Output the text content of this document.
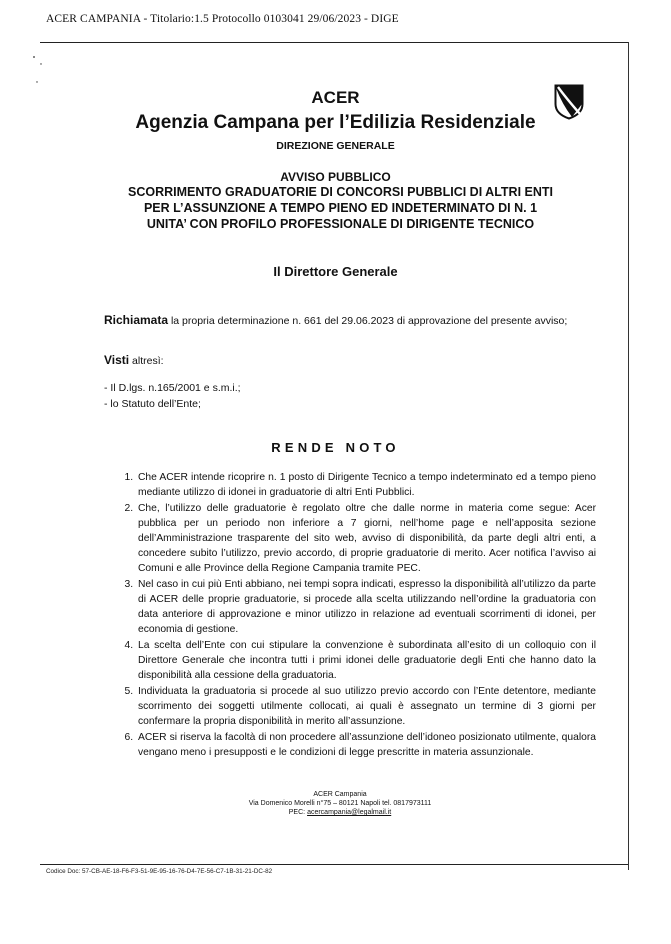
ACER CAMPANIA - Titolario:1.5 Protocollo 0103041 29/06/2023 - DIGE
ACER
Agenzia Campana per l’Edilizia Residenziale
DIREZIONE GENERALE
AVVISO PUBBLICO
SCORRIMENTO GRADUATORIE DI CONCORSI PUBBLICI DI ALTRI ENTI
PER L’ASSUNZIONE A TEMPO PIENO ED INDETERMINATO DI N. 1
UNITA’ CON PROFILO PROFESSIONALE DI DIRIGENTE TECNICO
Il Direttore Generale
Richiamata la propria determinazione n. 661 del 29.06.2023 di approvazione del presente avviso;
Visti altresì:
- Il D.lgs. n.165/2001 e s.m.i.;
- lo Statuto dell’Ente;
RENDE NOTO
1. Che ACER intende ricoprire n. 1 posto di Dirigente Tecnico a tempo indeterminato ed a tempo pieno mediante utilizzo di idonei in graduatorie di altri Enti Pubblici.
2. Che, l’utilizzo delle graduatorie è regolato oltre che dalle norme in materia come segue: Acer pubblica per un periodo non inferiore a 7 giorni, nell’home page e nell’apposita sezione dell’Amministrazione trasparente del sito web, avviso di disponibilità, da parte degli altri enti, a concedere subito l’utilizzo, previo accordo, di proprie graduatorie di merito. Acer notifica l’avviso ai Comuni e alle Province della Regione Campania tramite PEC.
3. Nel caso in cui più Enti abbiano, nei tempi sopra indicati, espresso la disponibilità all’utilizzo da parte di ACER delle proprie graduatorie, si procede alla scelta utilizzando nell’ordine la graduatoria con data anteriore di approvazione e minor utilizzo in relazione ad eventuali scorrimenti di idonei, per economia di gestione.
4. La scelta dell’Ente con cui stipulare la convenzione è subordinata all’esito di un colloquio con il Direttore Generale che incontra tutti i primi idonei delle graduatorie degli Enti che hanno dato la disponibilità alla cessione della graduatoria.
5. Individuata la graduatoria si procede al suo utilizzo previo accordo con l’Ente detentore, mediante scorrimento dei soggetti utilmente collocati, ai quali è assegnato un termine di 3 giorni per confermare la propria disponibilità in merito all’assunzione.
6. ACER si riserva la facoltà di non procedere all’assunzione dell’idoneo posizionato utilmente, qualora vengano meno i presupposti e le condizioni di legge prescritte in materia assunzionale.
ACER Campania
Via Domenico Morelli n°75 – 80121 Napoli tel. 0817973111
PEC: acercampania@legalmail.it
Codice Doc: 57-CB-AE-18-F6-F3-51-9E-95-16-76-D4-7E-56-C7-1B-31-21-DC-82
